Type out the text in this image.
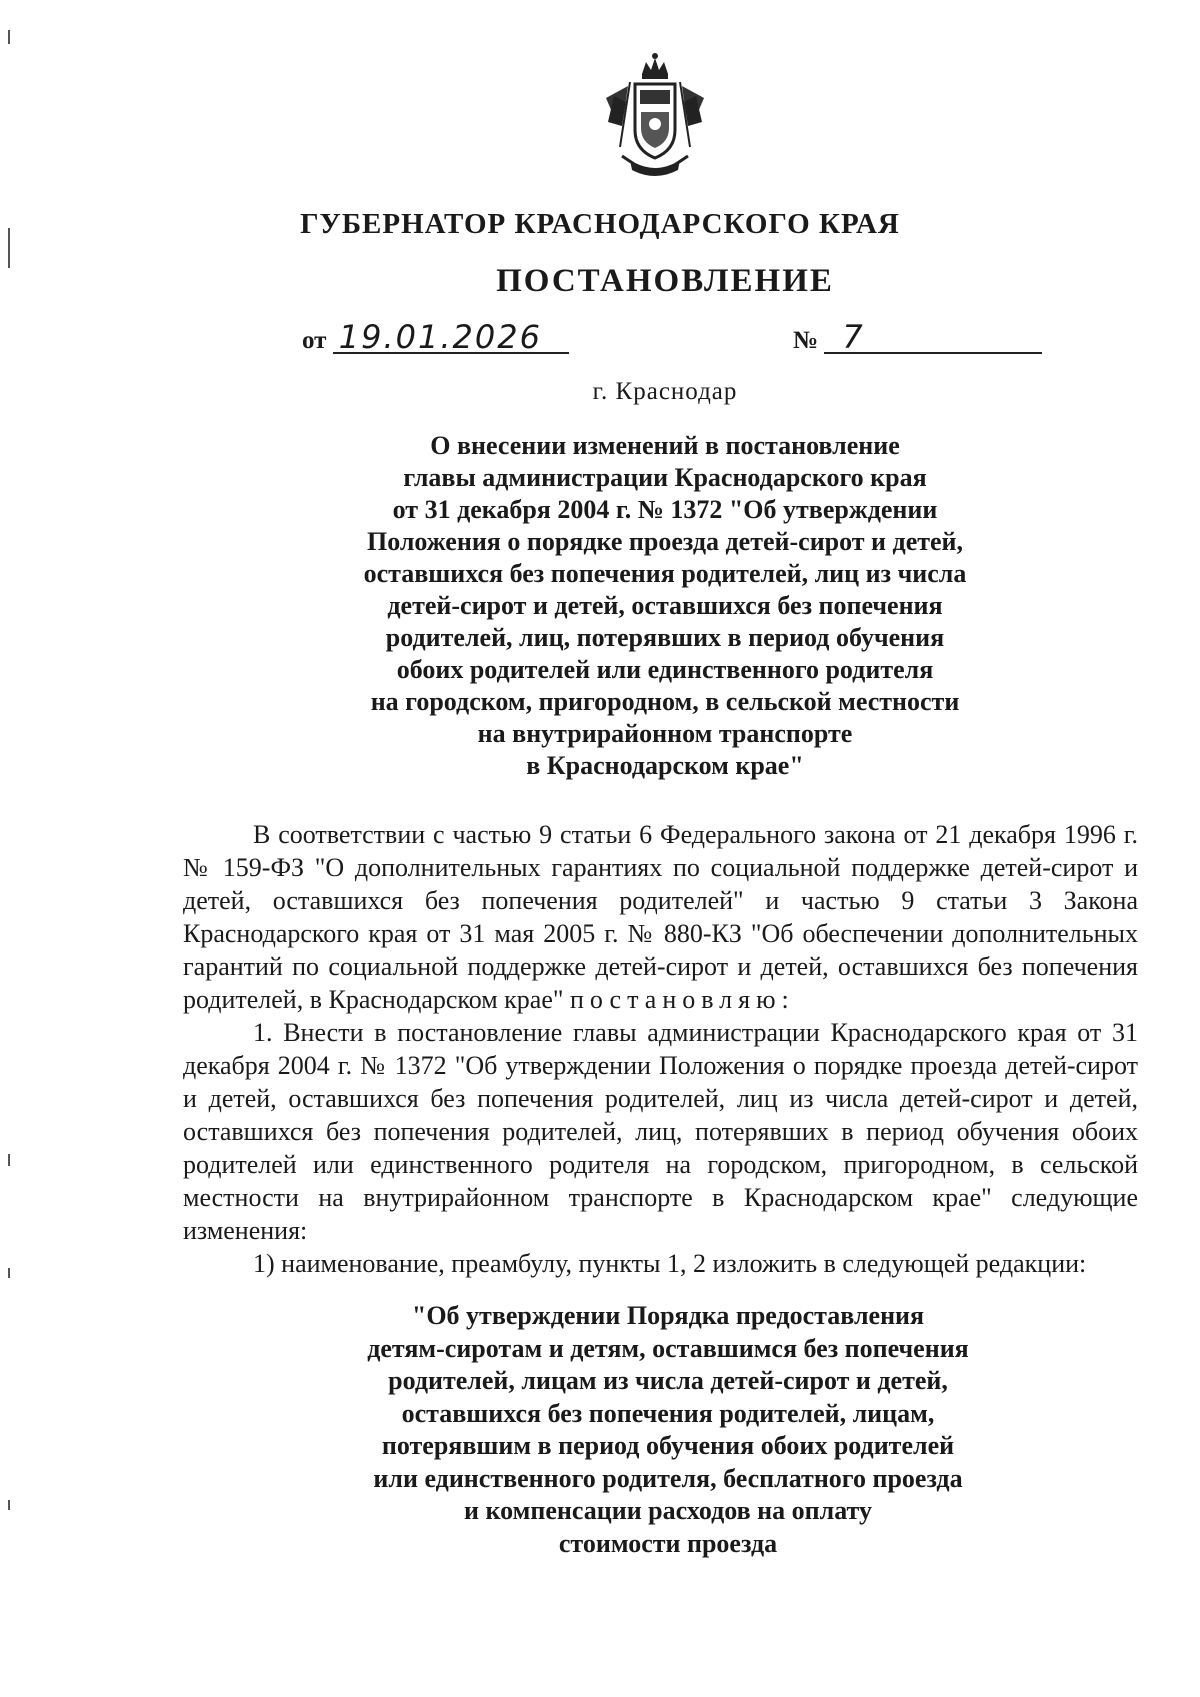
ГУБЕРНАТОР КРАСНОДАРСКОГО КРАЯ
ПОСТАНОВЛЕНИЕ
от 19.01.2026	№ 7
г. Краснодар
О внесении изменений в постановление
главы администрации Краснодарского края
от 31 декабря 2004 г. № 1372 "Об утверждении
Положения о порядке проезда детей-сирот и детей,
оставшихся без попечения родителей, лиц из числа
детей-сирот и детей, оставшихся без попечения
родителей, лиц, потерявших в период обучения
обоих родителей или единственного родителя
на городском, пригородном, в сельской местности
на внутрирайонном транспорте
в Краснодарском крае"

В соответствии с частью 9 статьи 6 Федерального закона от 21 декабря 1996 г. № 159-ФЗ "О дополнительных гарантиях по социальной поддержке детей-сирот и детей, оставшихся без попечения родителей" и частью 9 статьи 3 Закона Краснодарского края от 31 мая 2005 г. № 880-КЗ "Об обеспечении дополнительных гарантий по социальной поддержке детей-сирот и детей, оставшихся без попечения родителей, в Краснодарском крае" постановляю:

1. Внести в постановление главы администрации Краснодарского края от 31 декабря 2004 г. № 1372 "Об утверждении Положения о порядке проезда детей-сирот и детей, оставшихся без попечения родителей, лиц из числа детей-сирот и детей, оставшихся без попечения родителей, лиц, потерявших в период обучения обоих родителей или единственного родителя на городском, пригородном, в сельской местности на внутрирайонном транспорте в Краснодарском крае" следующие изменения:

1) наименование, преамбулу, пункты 1, 2 изложить в следующей редакции:

"Об утверждении Порядка предоставления
детям-сиротам и детям, оставшимся без попечения
родителей, лицам из числа детей-сирот и детей,
оставшихся без попечения родителей, лицам,
потерявшим в период обучения обоих родителей
или единственного родителя, бесплатного проезда
и компенсации расходов на оплату
стоимости проезда
